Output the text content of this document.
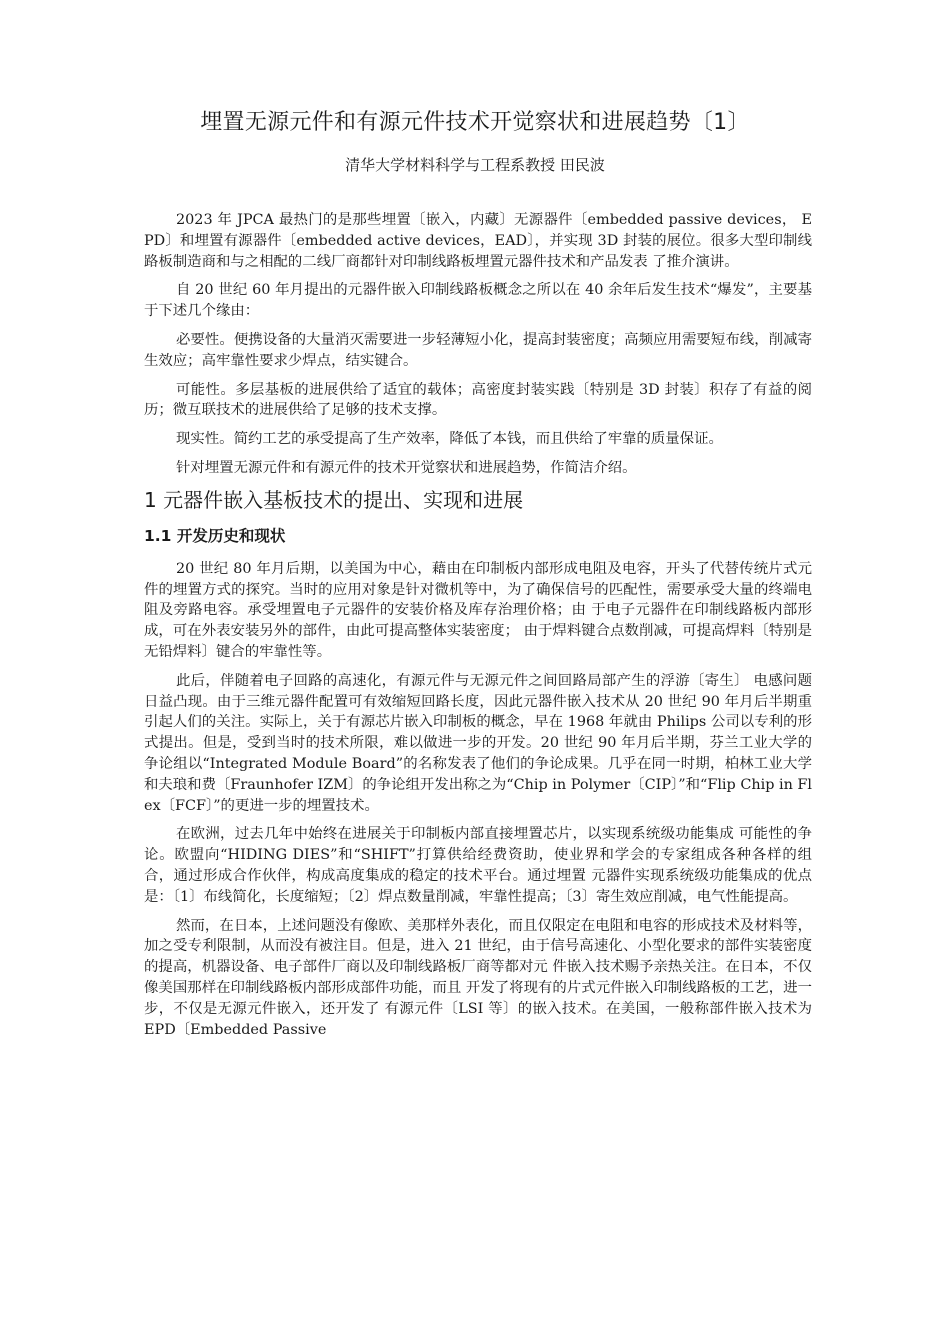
埋置无源元件和有源元件技术开觉察状和进展趋势〔1〕
清华大学材料科学与工程系教授 田民波

2023 年 JPCA 最热门的是那些埋置〔嵌入，内藏〕无源器件〔embedded passive devices， EPD〕和埋置有源器件〔embedded active devices，EAD〕，并实现 3D 封装的展位。很多大型印制线路板制造商和与之相配的二线厂商都针对印制线路板埋置元器件技术和产品发表 了推介演讲。

自 20 世纪 60 年月提出的元器件嵌入印制线路板概念之所以在 40 余年后发生技术“爆发”，主要基于下述几个缘由：

必要性。便携设备的大量消灭需要进一步轻薄短小化，提高封装密度；高频应用需要短布线，削减寄生效应；高牢靠性要求少焊点，结实键合。

可能性。多层基板的进展供给了适宜的载体；高密度封装实践〔特别是 3D 封装〕积存了有益的阅历；微互联技术的进展供给了足够的技术支撑。

现实性。简约工艺的承受提高了生产效率，降低了本钱，而且供给了牢靠的质量保证。

针对埋置无源元件和有源元件的技术开觉察状和进展趋势，作简洁介绍。

1 元器件嵌入基板技术的提出、实现和进展
1.1 开发历史和现状

20 世纪 80 年月后期，以美国为中心，藉由在印制板内部形成电阻及电容，开头了代替传统片式元件的埋置方式的探究。当时的应用对象是针对微机等中，为了确保信号的匹配性，需要承受大量的终端电阻及旁路电容。承受埋置电子元器件的安装价格及库存治理价格；由 于电子元器件在印制线路板内部形成，可在外表安装另外的部件，由此可提高整体实装密度； 由于焊料键合点数削减，可提高焊料〔特别是无铅焊料〕键合的牢靠性等。

此后，伴随着电子回路的高速化，有源元件与无源元件之间回路局部产生的浮游〔寄生〕 电感问题日益凸现。由于三维元器件配置可有效缩短回路长度，因此元器件嵌入技术从 20 世纪 90 年月后半期重引起人们的关注。实际上，关于有源芯片嵌入印制板的概念，早在 1968 年就由 Philips 公司以专利的形式提出。但是，受到当时的技术所限，难以做进一步的开发。20 世纪 90 年月后半期，芬兰工业大学的争论组以“Integrated Module Board”的名称发表了他们的争论成果。几乎在同一时期，柏林工业大学和夫琅和费〔Fraunhofer IZM〕的争论组开发出称之为“Chip in Polymer〔CIP〕”和“Flip Chip in Flex〔FCF〕”的更进一步的埋置技术。

在欧洲，过去几年中始终在进展关于印制板内部直接埋置芯片，以实现系统级功能集成 可能性的争论。欧盟向“HIDING DIES”和“SHIFT”打算供给经费资助，使业界和学会的专家组成各种各样的组合，通过形成合作伙伴，构成高度集成的稳定的技术平台。通过埋置 元器件实现系统级功能集成的优点是：〔1〕布线简化，长度缩短；〔2〕焊点数量削减，牢靠性提高；〔3〕寄生效应削减，电气性能提高。

然而，在日本，上述问题没有像欧、美那样外表化，而且仅限定在电阻和电容的形成技术及材料等，加之受专利限制，从而没有被注目。但是，进入 21 世纪，由于信号高速化、小型化要求的部件实装密度的提高，机器设备、电子部件厂商以及印制线路板厂商等都对元 件嵌入技术赐予亲热关注。在日本，不仅像美国那样在印制线路板内部形成部件功能，而且 开发了将现有的片式元件嵌入印制线路板的工艺，进一步，不仅是无源元件嵌入，还开发了 有源元件〔LSI 等〕的嵌入技术。在美国，一般称部件嵌入技术为 EPD〔Embedded Passive
